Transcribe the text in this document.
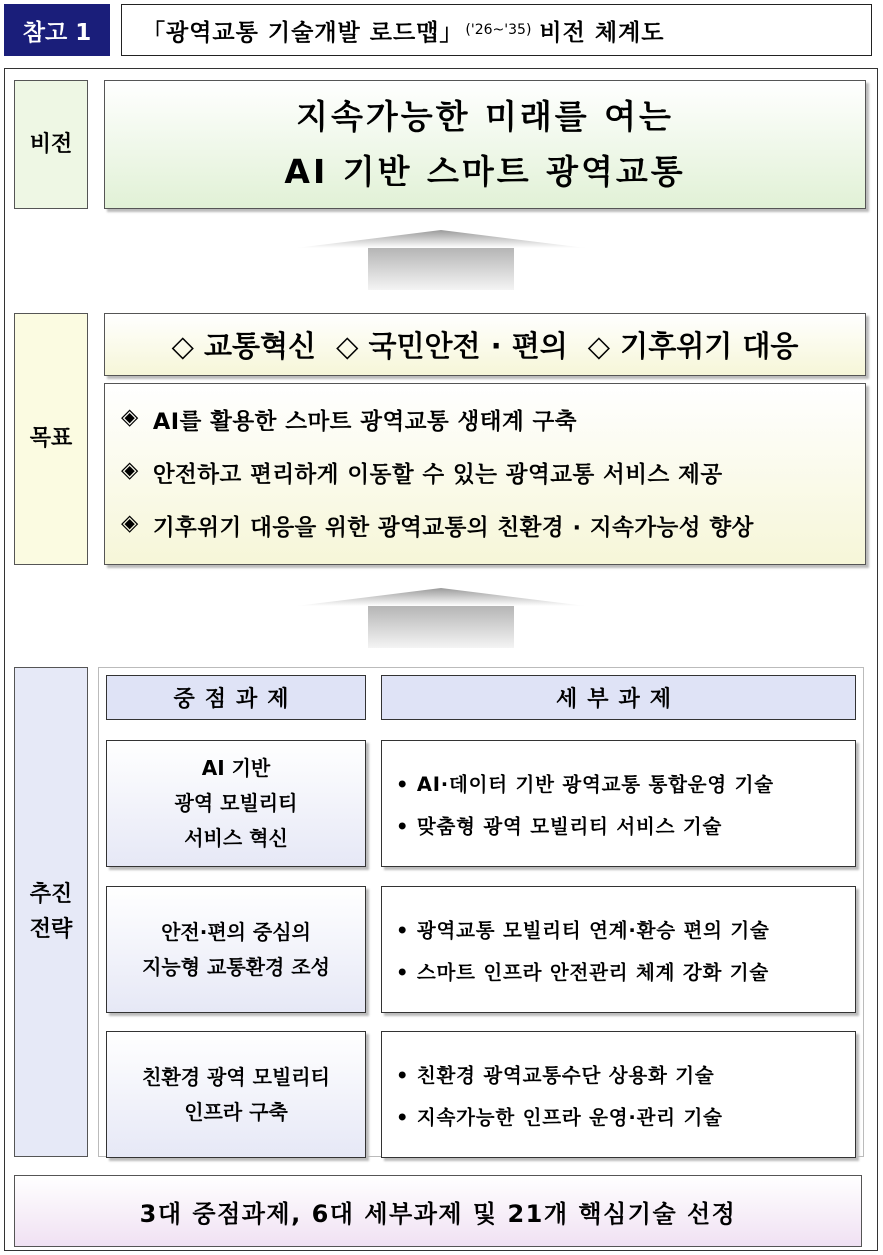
참고 1	「광역교통 기술개발 로드맵」 ('26~'35) 비전 체계도
비전
지속가능한 미래를 여는
AI 기반 스마트 광역교통
목표
◇ 교통혁신 ◇ 국민안전 · 편의 ◇ 기후위기 대응
◈ AI를 활용한 스마트 광역교통 생태계 구축
◈ 안전하고 편리하게 이동할 수 있는 광역교통 서비스 제공
◈ 기후위기 대응을 위한 광역교통의 친환경 · 지속가능성 향상
추진
전략
중점과제	세부과제
AI 기반
광역 모빌리티
서비스 혁신
• AI·데이터 기반 광역교통 통합운영 기술
• 맞춤형 광역 모빌리티 서비스 기술
안전·편의 중심의
지능형 교통환경 조성
• 광역교통 모빌리티 연계·환승 편의 기술
• 스마트 인프라 안전관리 체계 강화 기술
친환경 광역 모빌리티
인프라 구축
• 친환경 광역교통수단 상용화 기술
• 지속가능한 인프라 운영·관리 기술
3대 중점과제, 6대 세부과제 및 21개 핵심기술 선정
